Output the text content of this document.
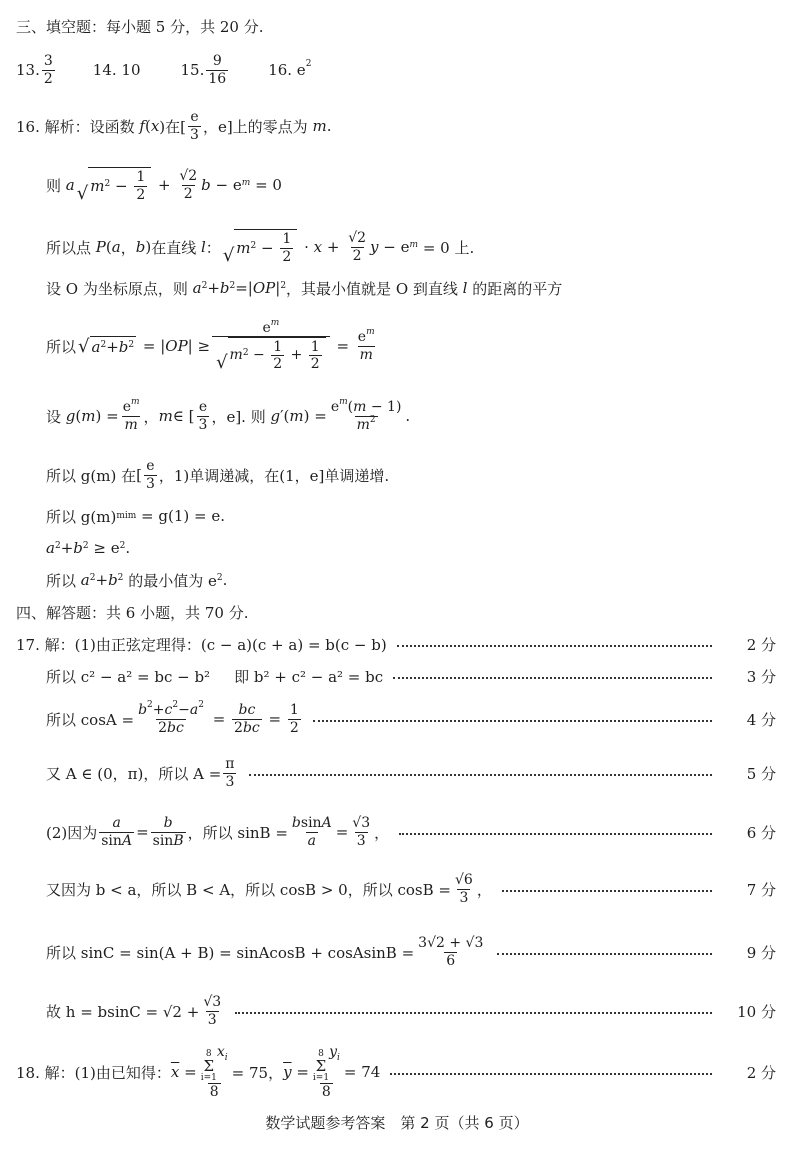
三、填空题：每小题 5 分，共 20 分.
13. $\frac{3}{2}$	14. 10	15. $\frac{9}{16}$	16. $e^2$
16. 解析：设函数
f ( x )在[ $\frac{e}{3}$ ，e] 上的零点为
m .
则
a √ $m^2 - \frac{1}{2} + \frac{√2}{2}$ $b - e^m = 0$
所以点
P ( a ， b ) 在直线
l ： √ $m^2 - \frac{1}{2} \cdot x + \frac{√2}{2}$ $y - e^m$
= 0 上.
设 O 为坐标原点，则
$a^2 + b^2$ =| OP $|^2$ ，其最小值就是 O 到直线
l
的距离的平方
所以 √ $a^2 + b^2$ = | OP | ≥ $\frac{e^m}{√ m^2 - \frac{1}{2} + \frac{1}{2}} = \frac{e^m}{m}$
设
g ( m ) = $\frac{e^m}{m}$ ， m ∈ [ $\frac{e}{3}$ ，e]. 则
g ′( m ) = $\frac{e^m(m - 1)}{m^2}$ .
所以 g(m) 在 [ $\frac{e}{3}$ ，1) 单调递减，在(1，e]单调递增.
所以 g(m) mim
= g(1) = e.
$a^2 + b^2$
≥ $e^2$ .
所以
$a^2 + b^2$
的最小值为 $e^2$ .
四、解答题：共 6 小题，共 70 分.
17. 解：(1)由正弦定理得：(c − a)(c + a) = b(c − b)	2 分
所以 c² − a² = bc − b² 即 b² + c² − a² = bc	3 分
所以 $\cos A = \frac{b^2+c^2-a^2}{2bc} = \frac{bc}{2bc} = \frac{1}{2}$	4 分
又 A ∈ (0，π)，所以 $A = \frac{\pi}{3}$	5 分
(2)因为 $\frac{a}{\sin A} = \frac{b}{\sin B}$ ，所以 $\sin B = \frac{bsinA}{a} = \frac{√3}{3}$ ，	6 分
又因为 b < a，所以 B < A，所以 cosB > 0，所以 $\cos B = \frac{√6}{3}$ ，	7 分
所以 sinC = sin(A + B) = sinAcosB + cosAsinB = $\frac{3√2 + √3}{6}$	9 分
故 $h = bsinC = √2 + \frac{√3}{3}$	10 分
18. 解：(1)由已知得： $\overline{x} = 8$
Σ
i=1
$x_i$
8 = 75， $\overline{y} = 8$
Σ
i=1
$y_i$
8 = 74	2 分
数学试题参考答案　第 2 页（共 6 页）
